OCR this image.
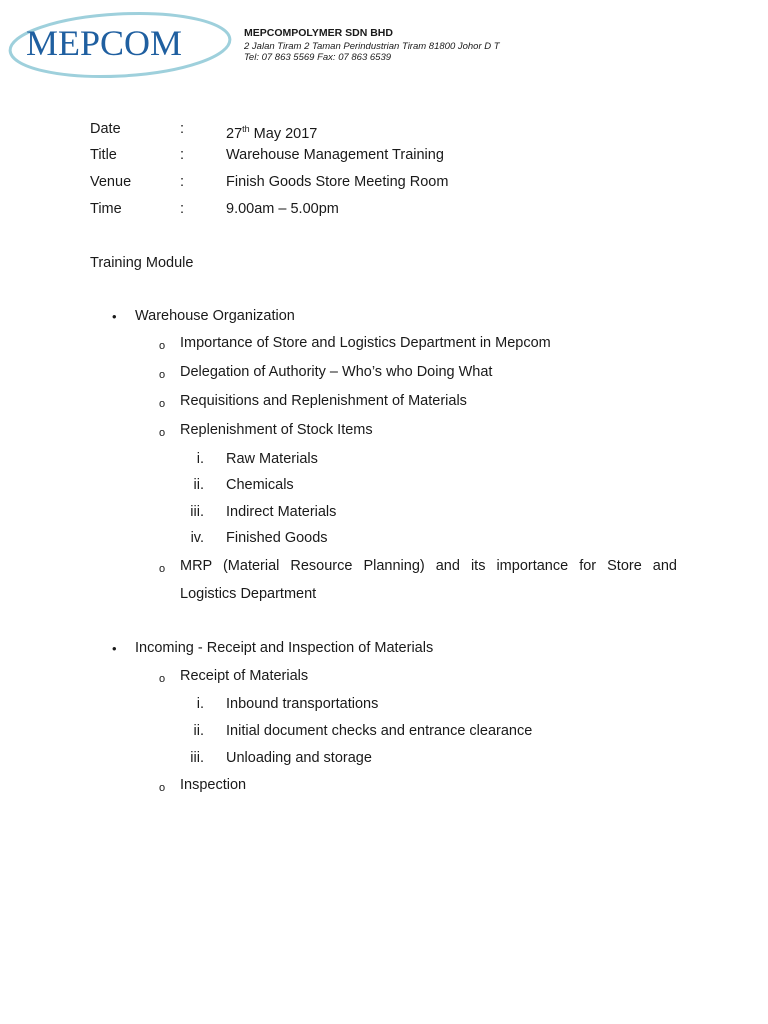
MEPCOM	MEPCOMPOLYMER SDN BHD
2 Jalan Tiram 2 Taman Perindustrian Tiram 81800 Johor D T
Tel: 07 863 5569 Fax: 07 863 6539
Date	:	27th May 2017
Title	:	Warehouse Management Training
Venue	:	Finish Goods Store Meeting Room
Time	:	9.00am – 5.00pm
Training Module
• Warehouse Organization
o Importance of Store and Logistics Department in Mepcom
o Delegation of Authority – Who’s who Doing What
o Requisitions and Replenishment of Materials
o Replenishment of Stock Items
i. Raw Materials
ii. Chemicals
iii. Indirect Materials
iv. Finished Goods
o MRP (Material Resource Planning) and its importance for Store and
Logistics Department
• Incoming - Receipt and Inspection of Materials
o Receipt of Materials
i. Inbound transportations
ii. Initial document checks and entrance clearance
iii. Unloading and storage
o Inspection
